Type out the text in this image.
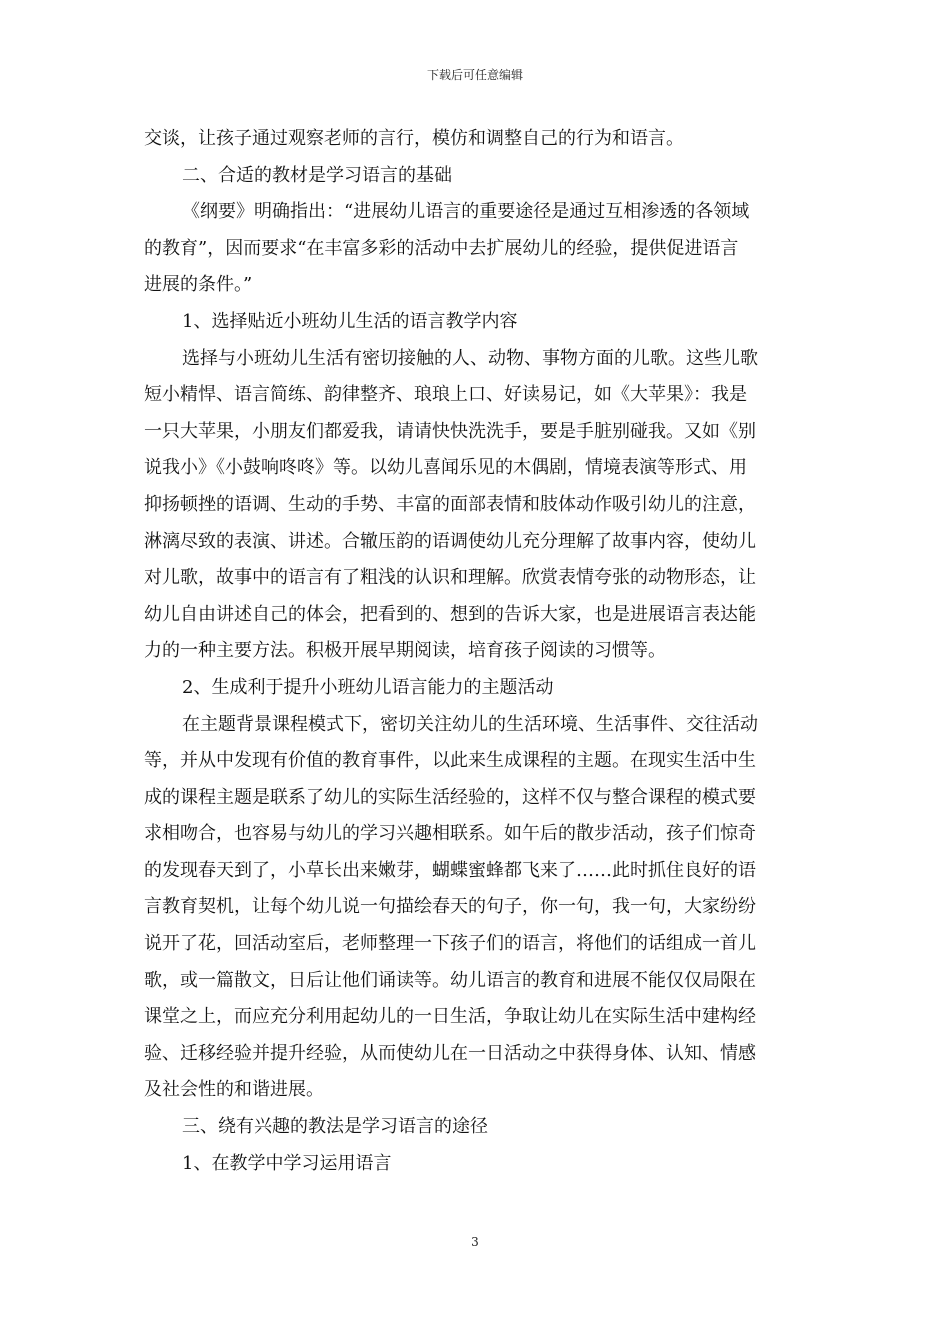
下载后可任意编辑
交谈，让孩子通过观察老师的言行，模仿和调整自己的行为和语言。
二、合适的教材是学习语言的基础
《纲要》明确指出：“进展幼儿语言的重要途径是通过互相渗透的各领域
的教育”，因而要求“在丰富多彩的活动中去扩展幼儿的经验，提供促进语言
进展的条件。”
1、选择贴近小班幼儿生活的语言教学内容
选择与小班幼儿生活有密切接触的人、动物、事物方面的儿歌。这些儿歌
短小精悍、语言简练、韵律整齐、琅琅上口、好读易记，如《大苹果》：我是
一只大苹果，小朋友们都爱我，请请快快洗洗手，要是手脏别碰我。又如《别
说我小》《小鼓响咚咚》等。以幼儿喜闻乐见的木偶剧，情境表演等形式、用
抑扬顿挫的语调、生动的手势、丰富的面部表情和肢体动作吸引幼儿的注意，
淋漓尽致的表演、讲述。合辙压韵的语调使幼儿充分理解了故事内容，使幼儿
对儿歌，故事中的语言有了粗浅的认识和理解。欣赏表情夸张的动物形态，让
幼儿自由讲述自己的体会，把看到的、想到的告诉大家，也是进展语言表达能
力的一种主要方法。积极开展早期阅读，培育孩子阅读的习惯等。
2、生成利于提升小班幼儿语言能力的主题活动
在主题背景课程模式下，密切关注幼儿的生活环境、生活事件、交往活动
等，并从中发现有价值的教育事件，以此来生成课程的主题。在现实生活中生
成的课程主题是联系了幼儿的实际生活经验的，这样不仅与整合课程的模式要
求相吻合，也容易与幼儿的学习兴趣相联系。如午后的散步活动，孩子们惊奇
的发现春天到了，小草长出来嫩芽，蝴蝶蜜蜂都飞来了……此时抓住良好的语
言教育契机，让每个幼儿说一句描绘春天的句子，你一句，我一句，大家纷纷
说开了花，回活动室后，老师整理一下孩子们的语言，将他们的话组成一首儿
歌，或一篇散文，日后让他们诵读等。幼儿语言的教育和进展不能仅仅局限在
课堂之上，而应充分利用起幼儿的一日生活，争取让幼儿在实际生活中建构经
验、迁移经验并提升经验，从而使幼儿在一日活动之中获得身体、认知、情感
及社会性的和谐进展。
三、绕有兴趣的教法是学习语言的途径
1、在教学中学习运用语言
3
